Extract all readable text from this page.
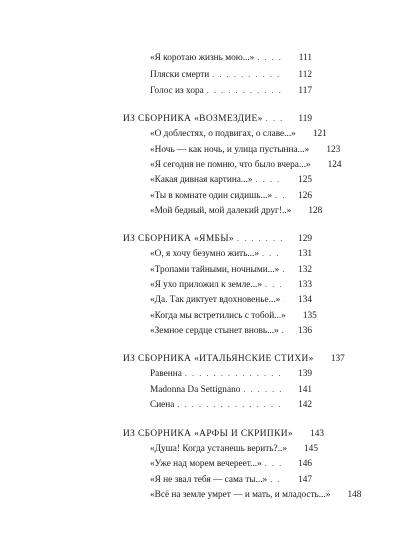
«Я коротаю жизнь мою...» . . .	111
Пляски смерти . . .	112
Голос из хора . . .	117
ИЗ СБОРНИКА «ВОЗМЕЗДИЕ» . . .	119
«О доблестях, о подвигах, о славе...»	121
«Ночь — как ночь, и улица пустынна...»	123
«Я сегодня не помню, что было вчера...»	124
«Какая дивная картина...» . . .	125
«Ты в комнате один сидишь...» . . .	126
«Мой бедный, мой далекий друг!..»	128
ИЗ СБОРНИКА «ЯМБЫ» . . .	129
«О, я хочу безумно жить...» . . .	131
«Тропами тайными, ночными...» . . .	132
«Я ухо приложил к земле...» . . .	133
«Да. Так диктует вдохновенье...» . . .	134
«Когда мы встретились с тобой...»	135
«Земное сердце стынет вновь...» . . .	136
ИЗ СБОРНИКА «ИТАЛЬЯНСКИЕ СТИХИ»	137
Равенна . . .	139
Madonna Da Settignano . . .	141
Сиена . . .	142
ИЗ СБОРНИКА «АРФЫ И СКРИПКИ»	143
«Душа! Когда устанешь верить?..»	145
«Уже над морем вечереет...» . . .	146
«Я не звал тебя — сама ты...» . . .	147
«Всё на земле умрет — и мать, и младость...»	148
